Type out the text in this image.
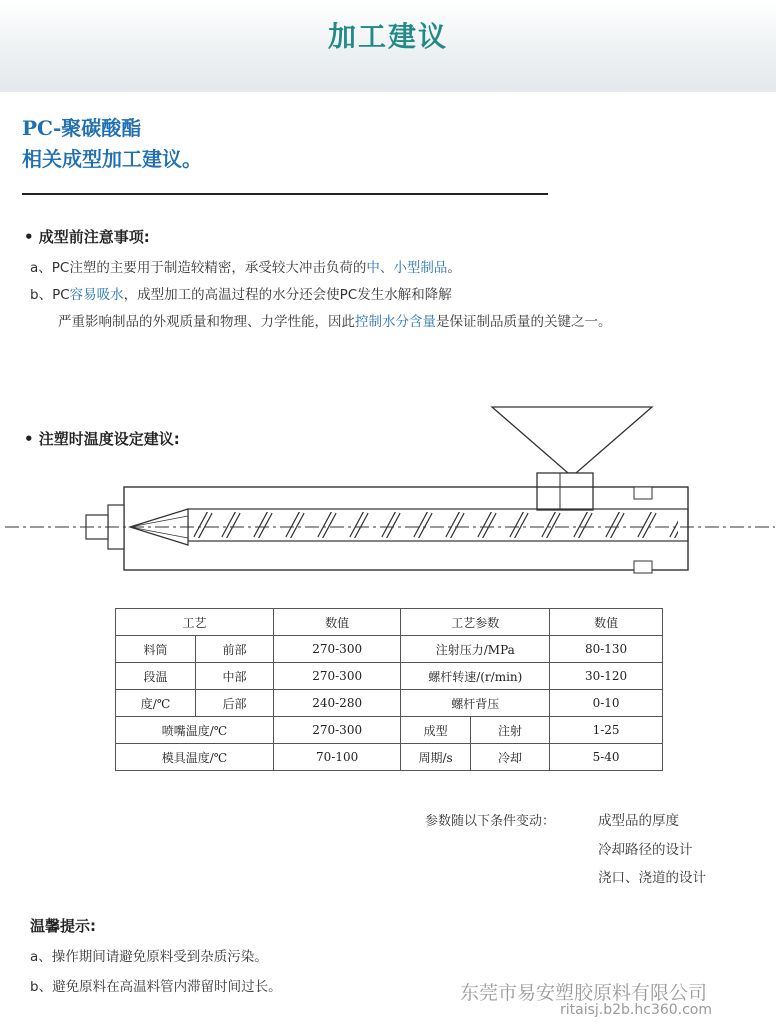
加工建议
PC-聚碳酸酯
相关成型加工建议。
• 成型前注意事项:
a、PC注塑的主要用于制造较精密，承受较大冲击负荷的中、小型制品。
b、PC容易吸水，成型加工的高温过程的水分还会使PC发生水解和降解
严重影响制品的外观质量和物理、力学性能，因此控制水分含量是保证制品质量的关键之一。
• 注塑时温度设定建议:
工艺		数值	工艺参数		数值
料筒	前部	270-300	注射压力/MPa		80-130
段温	中部	270-300	螺杆转速/(r/min)		30-120
度/℃	后部	240-280	螺杆背压		0-10
喷嘴温度/℃		270-300	成型	注射	1-25
模具温度/℃		70-100	周期/s	冷却	5-40
参数随以下条件变动：	成型品的厚度
冷却路径的设计
浇口、浇道的设计
温馨提示:
a、操作期间请避免原料受到杂质污染。
b、避免原料在高温料管内滞留时间过长。	东莞市易安塑胶原料有限公司
ritaisj.b2b.hc360.com
